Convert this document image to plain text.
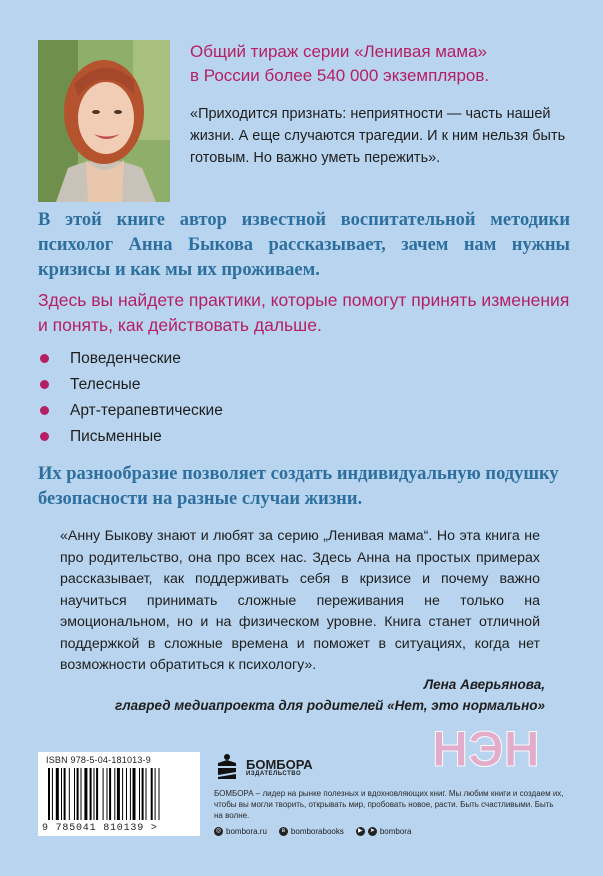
Общий тираж серии «Ленивая мама»
в России более 540 000 экземпляров.
«Приходится признать: неприятности — часть нашей жизни. А еще случаются трагедии. И к ним нельзя быть готовым. Но важно уметь пережить».
В этой книге автор известной воспитательной методики психолог Анна Быкова рассказывает, зачем нам нужны кризисы и как мы их проживаем.
Здесь вы найдете практики, которые помогут принять изменения и понять, как действовать дальше.
Поведенческие
Телесные
Арт-терапевтические
Письменные
Их разнообразие позволяет создать индивидуальную подушку безопасности на разные случаи жизни.
«Анну Быкову знают и любят за серию „Ленивая мама“. Но эта книга не про родительство, она про всех нас. Здесь Анна на простых примерах рассказывает, как поддерживать себя в кризисе и почему важно научиться принимать сложные переживания не только на эмоциональном, но и на физическом уровне. Книга станет отличной поддержкой в сложные времена и поможет в ситуациях, когда нет возможности обратиться к психологу».
Лена Аверьянова,
главред медиапроекта для родителей «Нет, это нормально»
НЭН
ISBN 978-5-04-181013-9
9 785041 810139 >
БОМБОРА
ИЗДАТЕЛЬСТВО
БОМБОРА – лидер на рынке полезных и вдохновляющих книг. Мы любим книги и создаем их, чтобы вы могли творить, открывать мир, пробовать новое, расти. Быть счастливыми. Быть на волне.
◎ bombora.ru	в bomborabooks	▶	➤ bombora
